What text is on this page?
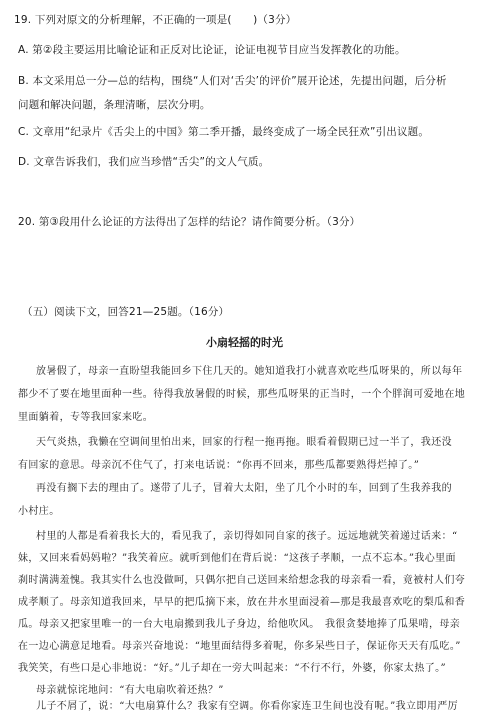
19. 下列对原文的分析理解，不正确的一项是(　　)（3分）
A. 第②段主要运用比喻论证和正反对比论证，论证电视节目应当发挥教化的功能。
B. 本文采用总一分—总的结构，围绕“人们对‘舌尖’的评价”展开论述，先提出问题，后分析
问题和解决问题，条理清晰，层次分明。
C. 文章用“纪录片《舌尖上的中国》第二季开播，最终变成了一场全民狂欢”引出议题。
D. 文章告诉我们，我们应当珍惜“舌尖”的文人气质。
20. 第③段用什么论证的方法得出了怎样的结论？请作简要分析。（3分）
（五）阅读下文，回答21—25题。（16分）
小扇轻摇的时光
放暑假了，母亲一直盼望我能回乡下住几天的。她知道我打小就喜欢吃些瓜呀果的，所以每年
都少不了要在地里面种一些。待得我放暑假的时候，那些瓜呀果的正当时，一个个胖润可爱地在地
里面躺着，专等我回家来吃。
天气炎热，我懒在空调间里怕出来，回家的行程一拖再拖。眼看着假期已过一半了，我还没
有回家的意思。母亲沉不住气了，打来电话说：“你再不回来，那些瓜都要熟得烂掉了。”
再没有搁下去的理由了。遂带了儿子，冒着大太阳，坐了几个小时的车，回到了生我养我的
小村庄。
村里的人都是看着我长大的，看见我了，亲切得如同自家的孩子。远远地就笑着递过话来：“
妹，又回来看妈妈啦？”我笑着应。就听到他们在背后说：“这孩子孝顺，一点不忘本。”我心里面
刹时满满羞愧。我其实什么也没做呵，只偶尔把自己送回来给想念我的母亲看一看，竟被村人们夸
成孝顺了。母亲知道我回来，早早的把瓜摘下来，放在井水里面浸着—那是我最喜欢吃的梨瓜和香
瓜。母亲又把家里唯一的一台大电扇搬到我儿子身边，给他吹风。　我很贪婪地捧了瓜果啃，母亲
在一边心满意足地看。母亲兴奋地说：“地里面结得多着呢，你多呆些日子，保证你天天有瓜吃。”
我笑笑，有些口是心非地说：“好。”儿子却在一旁大叫起来：“不行不行，外婆，你家太热了。”
母亲就惊诧地问：“有大电扇吹着还热？”
儿子不屑了，说：“大电扇算什么？我家有空调。你看你家连卫生间也没有呢。”我立即用严厉
